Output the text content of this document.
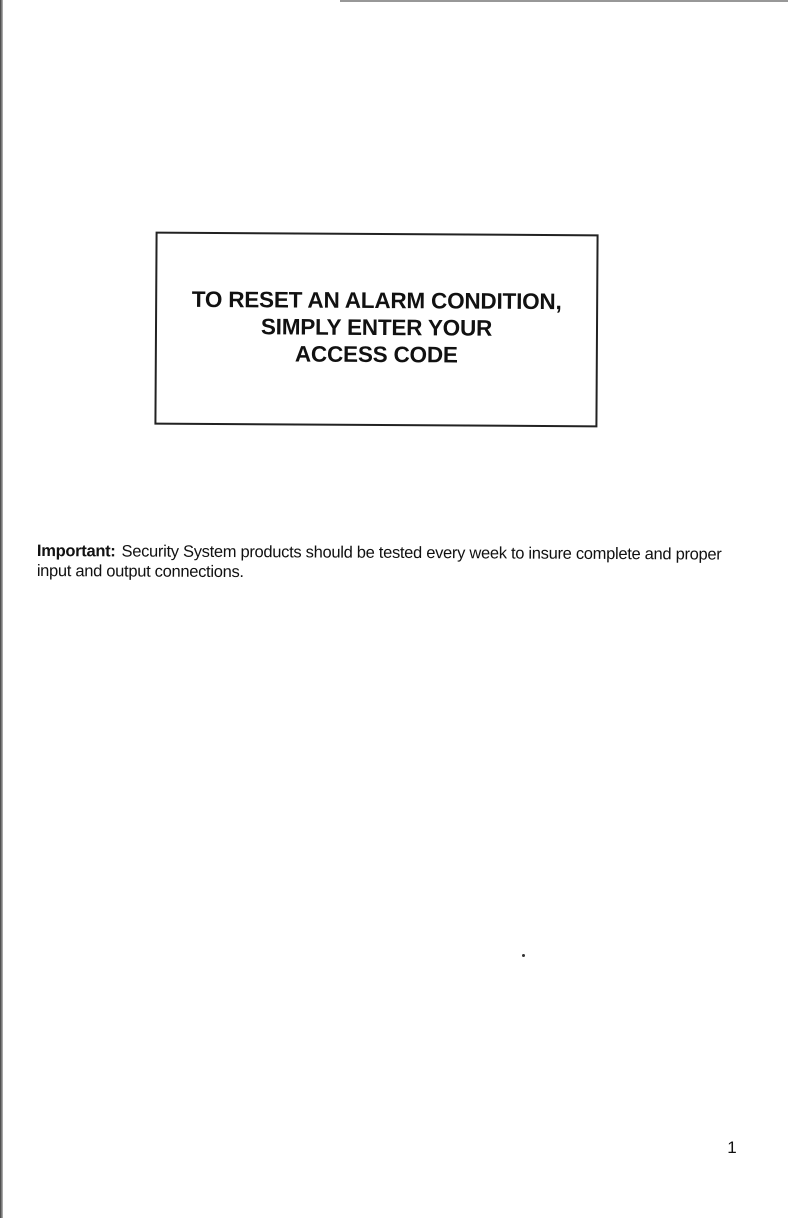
TO RESET AN ALARM CONDITION,
SIMPLY ENTER YOUR
ACCESS CODE

Important: Security System products should be tested every week to insure complete and proper input and output connections.

1
